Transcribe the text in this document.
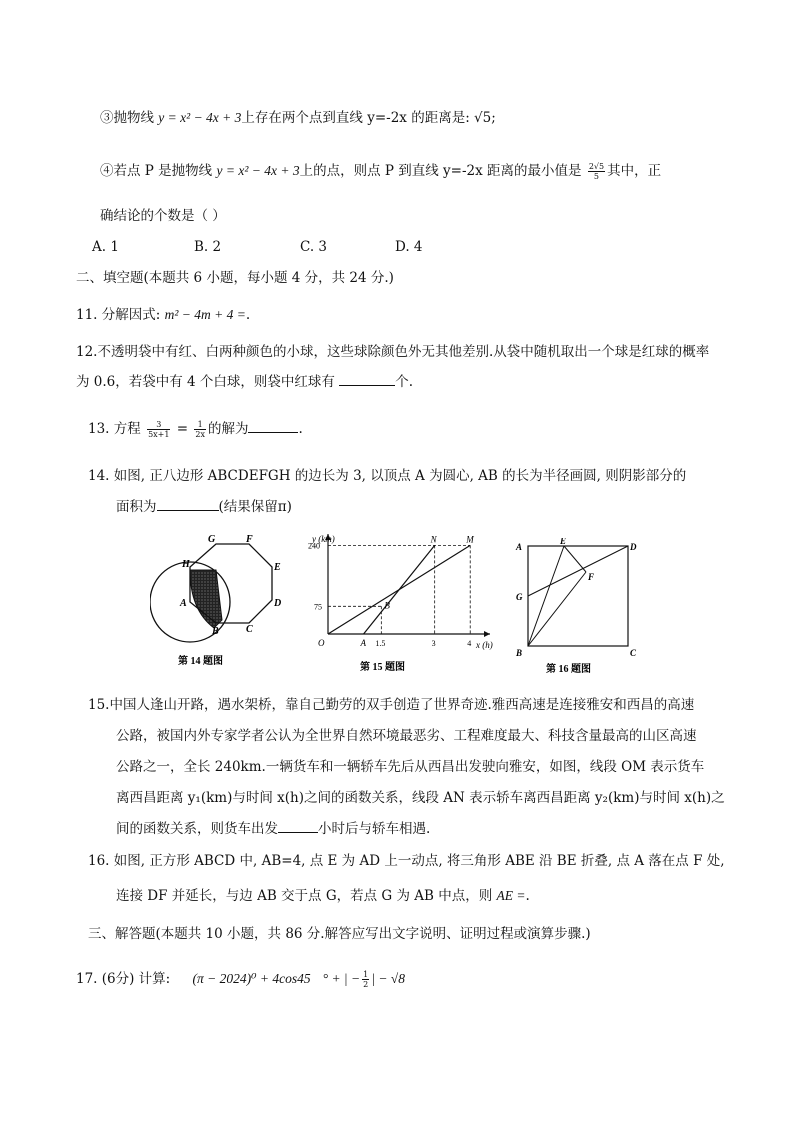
③抛物线 y = x² − 4x + 3上存在两个点到直线 y=-2x 的距离是: √5;
④若点 P 是抛物线 y = x² − 4x + 3上的点，则点 P 到直线 y=-2x 距离的最小值是 $\frac{2√5}{5}$ 其中，正
确结论的个数是（ ）
A. 1	B. 2	C. 3	D. 4
二、填空题(本题共 6 小题，每小题 4 分，共 24 分.)
11. 分解因式: m² − 4m + 4 =.
12.不透明袋中有红、白两种颜色的小球，这些球除颜色外无其他差别.从袋中随机取出一个球是红球的概率
为 0.6，若袋中有 4 个白球，则袋中红球有	个.
13. 方程 $\frac{3}{5x+1} = \frac{1}{2x}$ 的解为	.
14. 如图, 正八边形 ABCDEFGH 的边长为 3, 以顶点 A 为圆心, AB 的长为半径画圆, 则阴影部分的
面积为	(结果保留π)
G	F
H	E
A	D
B	C
第 14 题图
y (km)
x (h)
O
240
75
1.5	3	4
N	M
B
A
第 15 题图
A
E
D
F
G
B	C
第 16 题图
15.中国人逢山开路，遇水架桥，靠自己勤劳的双手创造了世界奇迹.雅西高速是连接雅安和西昌的高速
公路，被国内外专家学者公认为全世界自然环境最恶劣、工程难度最大、科技含量最高的山区高速
公路之一，全长 240km.一辆货车和一辆轿车先后从西昌出发驶向雅安，如图，线段 OM 表示货车
离西昌距离 y₁(km)与时间 x(h)之间的函数关系，线段 AN 表示轿车离西昌距离 y₂(km)与时间 x(h)之
间的函数关系，则货车出发	小时后与轿车相遇.
16. 如图, 正方形 ABCD 中, AB=4, 点 E 为 AD 上一动点, 将三角形 ABE 沿 BE 折叠, 点 A 落在点 F 处,
连接 DF 并延长，与边 AB 交于点 G，若点 G 为 AB 中点，则 AE =.
三、解答题(本题共 10 小题，共 86 分.解答应写出文字说明、证明过程或演算步骤.)
17. (6分) 计算: (π − 2024)⁰ + 4cos45 ° + | − $\frac{1}{2}$ | − √8
